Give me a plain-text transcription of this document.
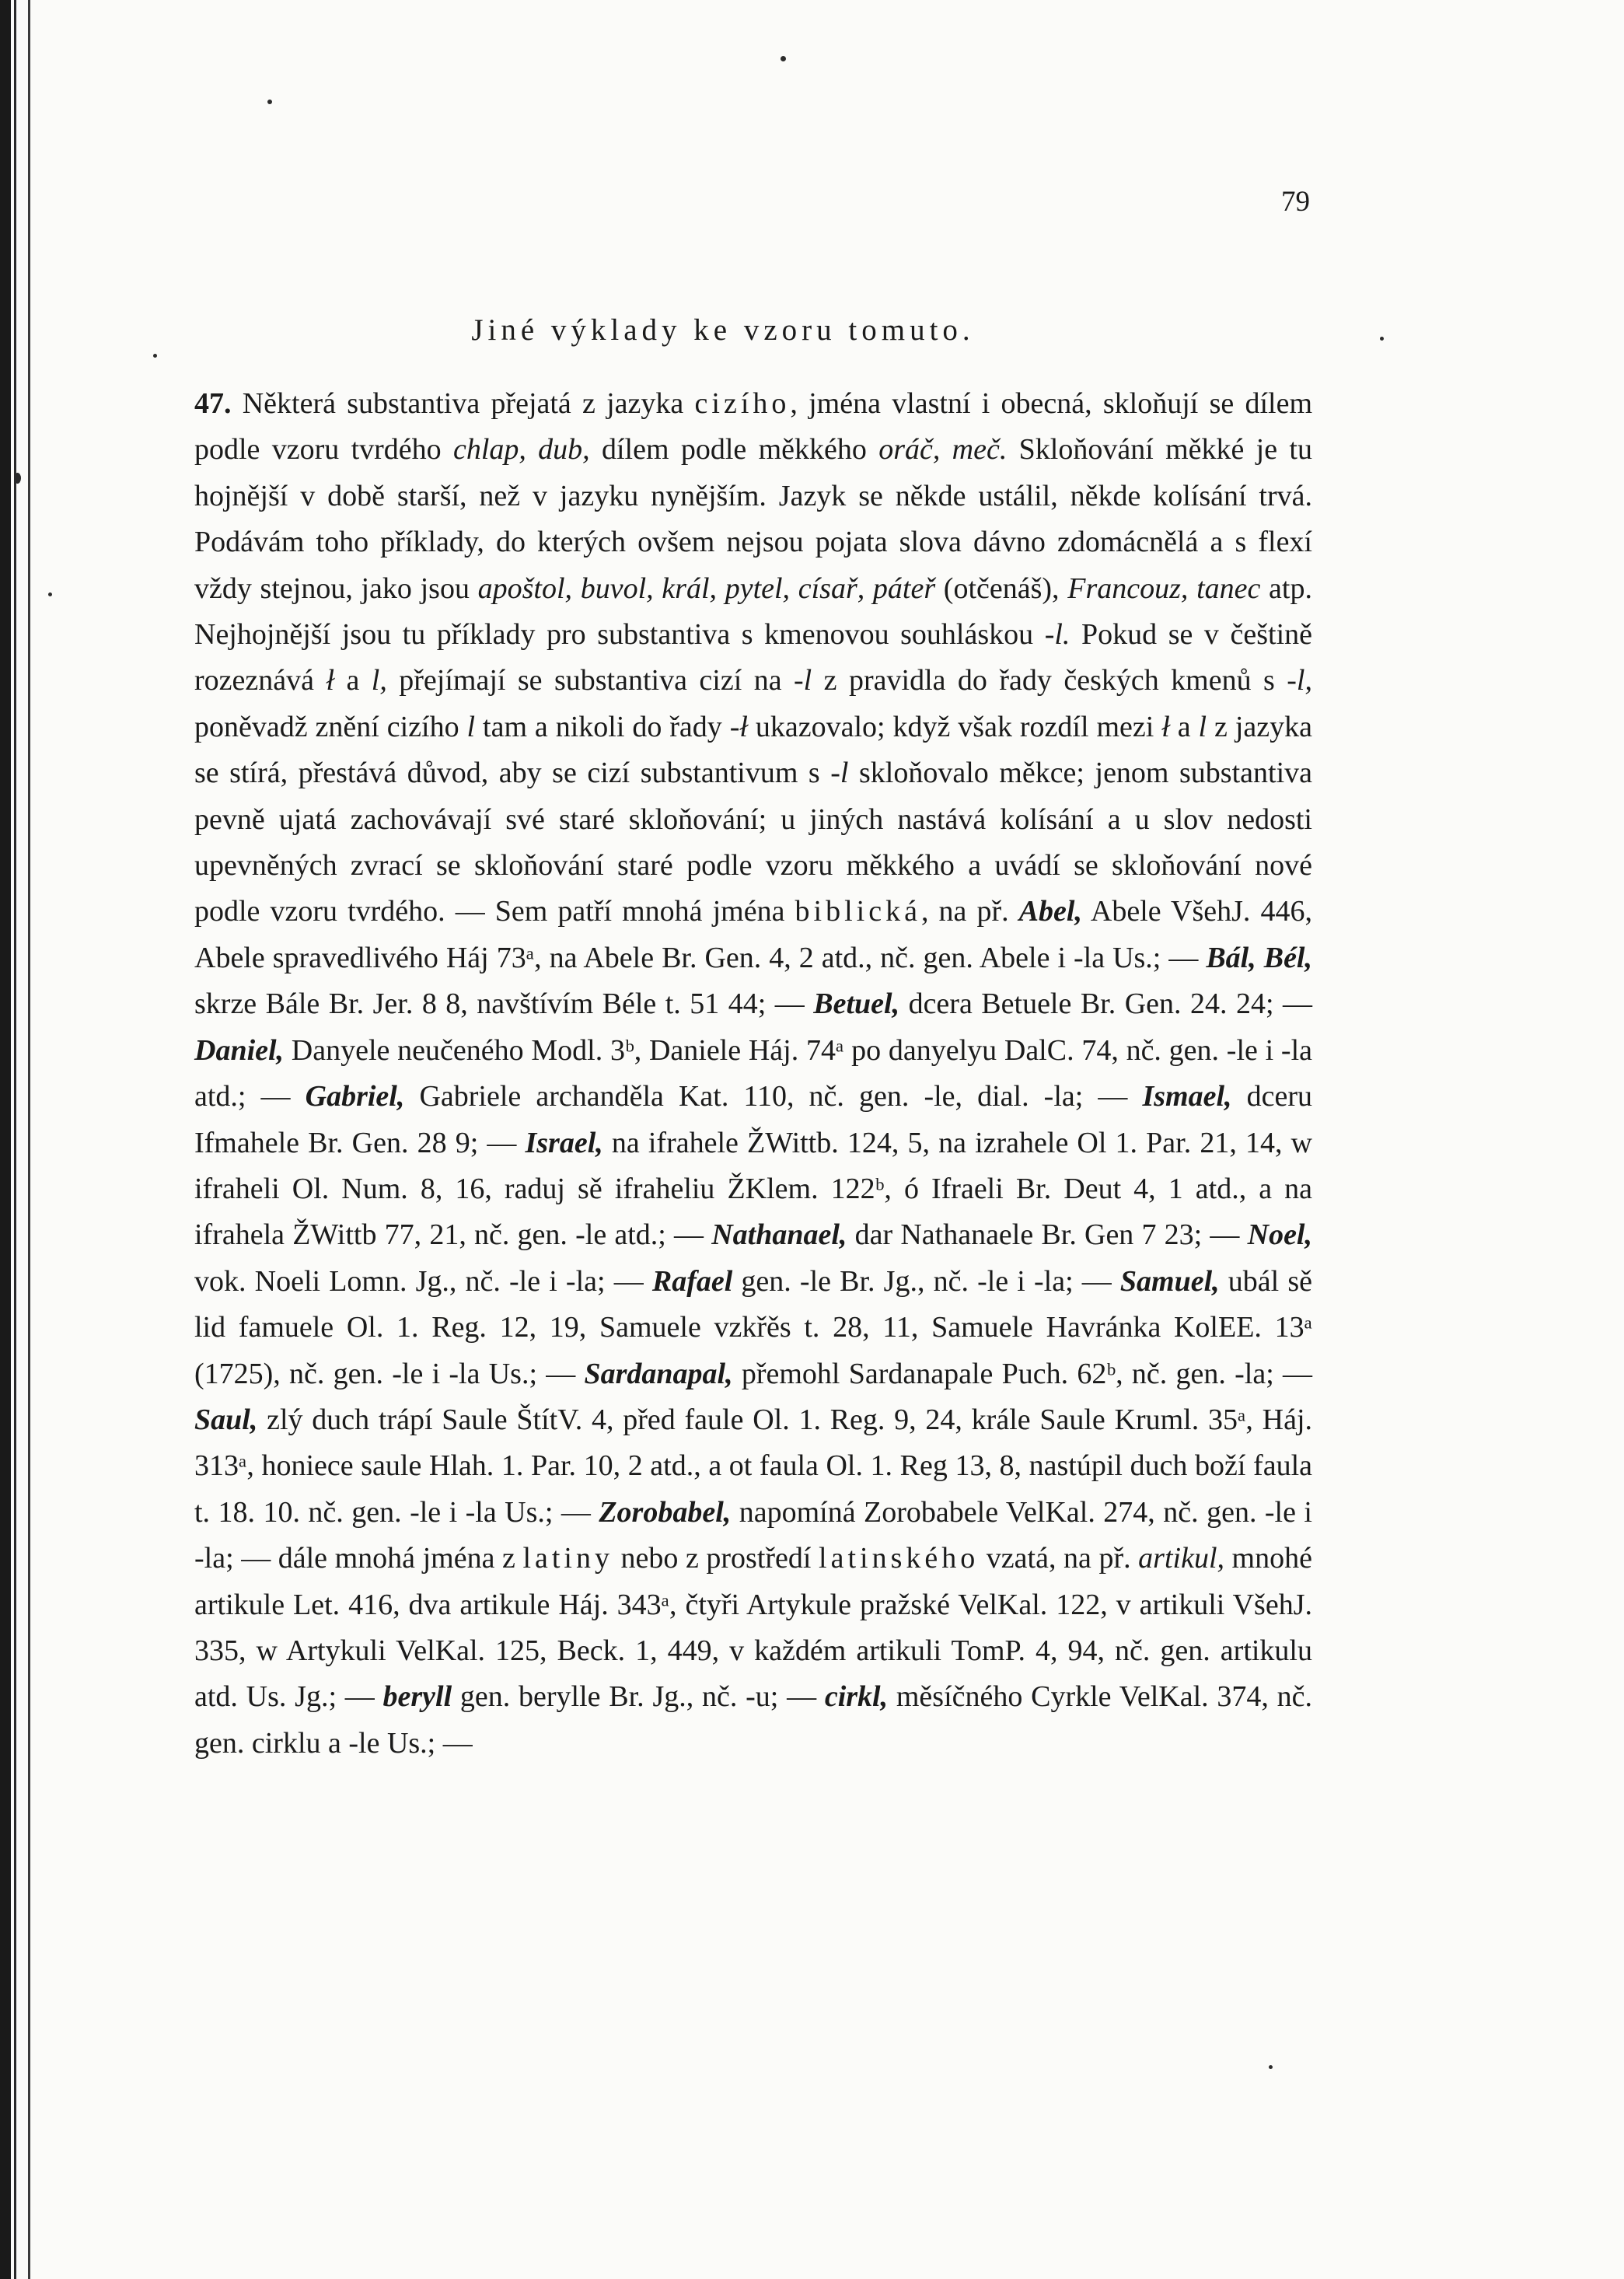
79
Jiné výklady ke vzoru tomuto.

47. Některá substantiva přejatá z jazyka cizího, jména vlastní i obecná, skloňují se dílem podle vzoru tvrdého chlap, dub, dílem podle měkkého oráč, meč. Skloňování měkké je tu hojnější v době starší, než v jazyku nynějším. Jazyk se někde ustálil, někde kolísání trvá. Podávám toho příklady, do kterých ovšem nejsou pojata slova dávno zdomácnělá a s flexí vždy stejnou, jako jsou apoštol, buvol, král, pytel, císař, páteř (otčenáš), Francouz, tanec atp. Nejhojnější jsou tu příklady pro substantiva s kmenovou souhláskou -l. Pokud se v češtině rozeznává ł a l, přejímají se substantiva cizí na -l z pravidla do řady českých kmenů s -l, poněvadž znění cizího l tam a nikoli do řady -ł ukazovalo; když však rozdíl mezi ł a l z jazyka se stírá, přestává důvod, aby se cizí substantivum s -l skloňovalo měkce; jenom substantiva pevně ujatá zachovávají své staré skloňování; u jiných nastává kolísání a u slov nedosti upevněných zvrací se skloňování staré podle vzoru měkkého a uvádí se skloňování nové podle vzoru tvrdého. — Sem patří mnohá jména biblická, na př. Abel, Abele VšehJ. 446, Abele spravedlivého Háj 73ᵃ, na Abele Br. Gen. 4, 2 atd., nč. gen. Abele i -la Us.; — Bál, Bél, skrze Bále Br. Jer. 8 8, navštívím Béle t. 51 44; — Betuel, dcera Betuele Br. Gen. 24. 24; — Daniel, Danyele neučeného Modl. 3ᵇ, Daniele Háj. 74ᵃ po danyelyu DalC. 74, nč. gen. -le i -la atd.; — Gabriel, Gabriele archanděla Kat. 110, nč. gen. -le, dial. -la; — Ismael, dceru Ifmahele Br. Gen. 28 9; — Israel, na ifrahele ŽWittb. 124, 5, na izrahele Ol 1. Par. 21, 14, w ifraheli Ol. Num. 8, 16, raduj sě ifraheliu ŽKlem. 122ᵇ, ó Ifraeli Br. Deut 4, 1 atd., a na ifrahela ŽWittb 77, 21, nč. gen. -le atd.; — Nathanael, dar Nathanaele Br. Gen 7 23; — Noel, vok. Noeli Lomn. Jg., nč. -le i -la; — Rafael gen. -le Br. Jg., nč. -le i -la; — Samuel, ubál sě lid famuele Ol. 1. Reg. 12, 19, Samuele vzkřěs t. 28, 11, Samuele Havránka KolEE. 13ᵃ (1725), nč. gen. -le i -la Us.; — Sardanapal, přemohl Sardanapale Puch. 62ᵇ, nč. gen. -la; — Saul, zlý duch trápí Saule ŠtítV. 4, před faule Ol. 1. Reg. 9, 24, krále Saule Kruml. 35ᵃ, Háj. 313ᵃ, honiece saule Hlah. 1. Par. 10, 2 atd., a ot faula Ol. 1. Reg 13, 8, nastúpil duch boží faula t. 18. 10. nč. gen. -le i -la Us.; — Zorobabel, napomíná Zorobabele VelKal. 274, nč. gen. -le i -la; — dále mnohá jména z latiny nebo z prostředí latinského vzatá, na př. artikul, mnohé artikule Let. 416, dva artikule Háj. 343ᵃ, čtyři Artykule pražské VelKal. 122, v artikuli VšehJ. 335, w Artykuli VelKal. 125, Beck. 1, 449, v každém artikuli TomP. 4, 94, nč. gen. artikulu atd. Us. Jg.; — beryll gen. berylle Br. Jg., nč. -u; — cirkl, měsíčného Cyrkle VelKal. 374, nč. gen. cirklu a -le Us.; —
